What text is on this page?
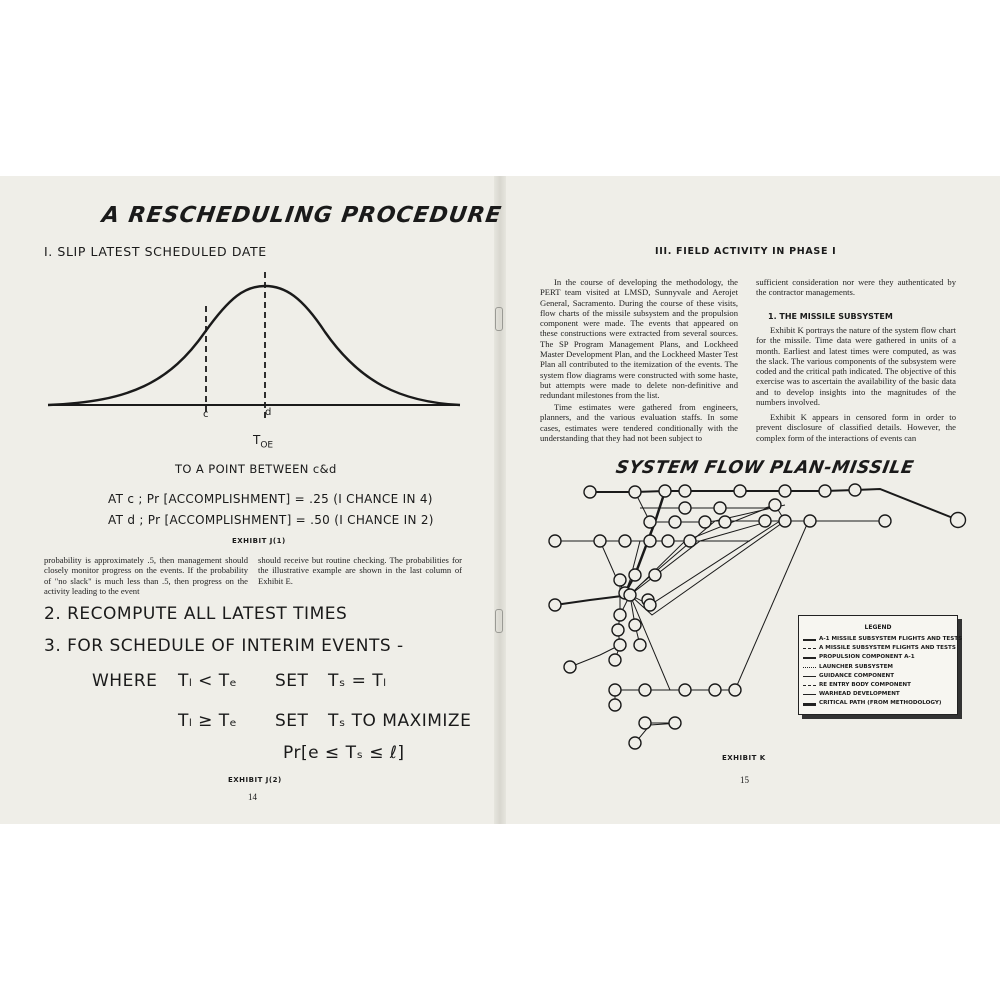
A RESCHEDULING PROCEDURE
I. SLIP LATEST SCHEDULED DATE
c	d
$T_{OE}$
TO A POINT BETWEEN c&d
AT c ; Pr [ACCOMPLISHMENT] = .25 (I CHANCE IN 4)
AT d ; Pr [ACCOMPLISHMENT] = .50 (I CHANCE IN 2)
EXHIBIT J(1)
probability is approximately .5, then management should closely monitor progress on the events. If the probability of "no slack" is much less than .5, then progress on the activity leading to the event
should receive but routine checking. The probabilities for the illustrative example are shown in the last column of Exhibit E.
2. RECOMPUTE ALL LATEST TIMES
3. FOR SCHEDULE OF INTERIM EVENTS -
WHERE Tₗ < Tₑ SET Tₛ = Tₗ
Tₗ ≥ Tₑ SET Tₛ TO MAXIMIZE
Pr[e ≤ Tₛ ≤ ℓ]
EXHIBIT J(2)
14
III. FIELD ACTIVITY IN PHASE I
In the course of developing the methodology, the PERT team visited at LMSD, Sunnyvale and Aerojet General, Sacramento. During the course of these visits, flow charts of the missile subsystem and the propulsion component were made. The events that appeared on these constructions were extracted from several sources. The SP Program Management Plans, and Lockheed Master Development Plan, and the Lockheed Master Test Plan all contributed to the itemization of the events. The system flow diagrams were constructed with some haste, but attempts were made to delete non-definitive and redundant milestones from the list.
Time estimates were gathered from engineers, planners, and the various evaluation staffs. In some cases, estimates were tendered conditionally with the understanding that they had not been subject to
sufficient consideration nor were they authenticated by the contractor managements.
1. THE MISSILE SUBSYSTEM
Exhibit K portrays the nature of the system flow chart for the missile. Time data were gathered in units of a month. Earliest and latest times were computed, as was the slack. The various components of the subsystem were coded and the critical path indicated. The objective of this exercise was to ascertain the availability of the basic data and to develop insights into the magnitudes of the numbers involved.
Exhibit K appears in censored form in order to prevent disclosure of classified details. However, the complex form of the interactions of events can
SYSTEM FLOW PLAN-MISSILE
LEGEND
A-1 MISSILE SUBSYSTEM FLIGHTS AND TESTS
A MISSILE SUBSYSTEM FLIGHTS AND TESTS
PROPULSION COMPONENT A-1
LAUNCHER SUBSYSTEM
GUIDANCE COMPONENT
RE ENTRY BODY COMPONENT
WARHEAD DEVELOPMENT
CRITICAL PATH (FROM METHODOLOGY)
EXHIBIT K
15
